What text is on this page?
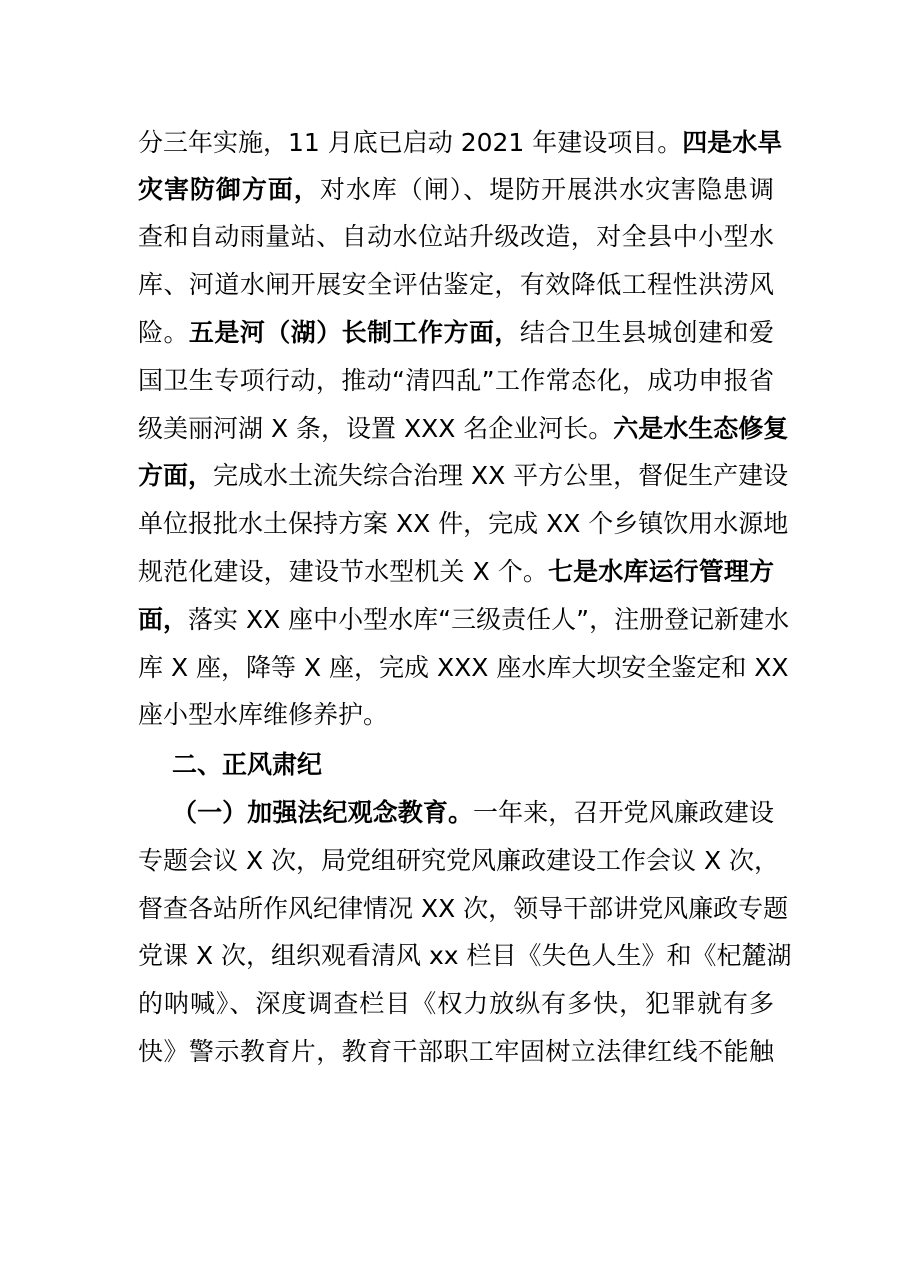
分三年实施，11 月底已启动 2021 年建设项目。四是水旱
灾害防御方面，对水库（闸）、堤防开展洪水灾害隐患调
查和自动雨量站、自动水位站升级改造，对全县中小型水
库、河道水闸开展安全评估鉴定，有效降低工程性洪涝风
险。五是河（湖）长制工作方面，结合卫生县城创建和爱
国卫生专项行动，推动“清四乱”工作常态化，成功申报省
级美丽河湖 X 条，设置 XXX 名企业河长。六是水生态修复
方面，完成水土流失综合治理 XX 平方公里，督促生产建设
单位报批水土保持方案 XX 件，完成 XX 个乡镇饮用水源地
规范化建设，建设节水型机关 X 个。七是水库运行管理方
面，落实 XX 座中小型水库“三级责任人”，注册登记新建水
库 X 座，降等 X 座，完成 XXX 座水库大坝安全鉴定和 XX
座小型水库维修养护。
二、正风肃纪
（一）加强法纪观念教育。一年来，召开党风廉政建设
专题会议 X 次，局党组研究党风廉政建设工作会议 X 次，
督查各站所作风纪律情况 XX 次，领导干部讲党风廉政专题
党课 X 次，组织观看清风 xx 栏目《失色人生》和《杞麓湖
的呐喊》、深度调查栏目《权力放纵有多快，犯罪就有多
快》警示教育片，教育干部职工牢固树立法律红线不能触
